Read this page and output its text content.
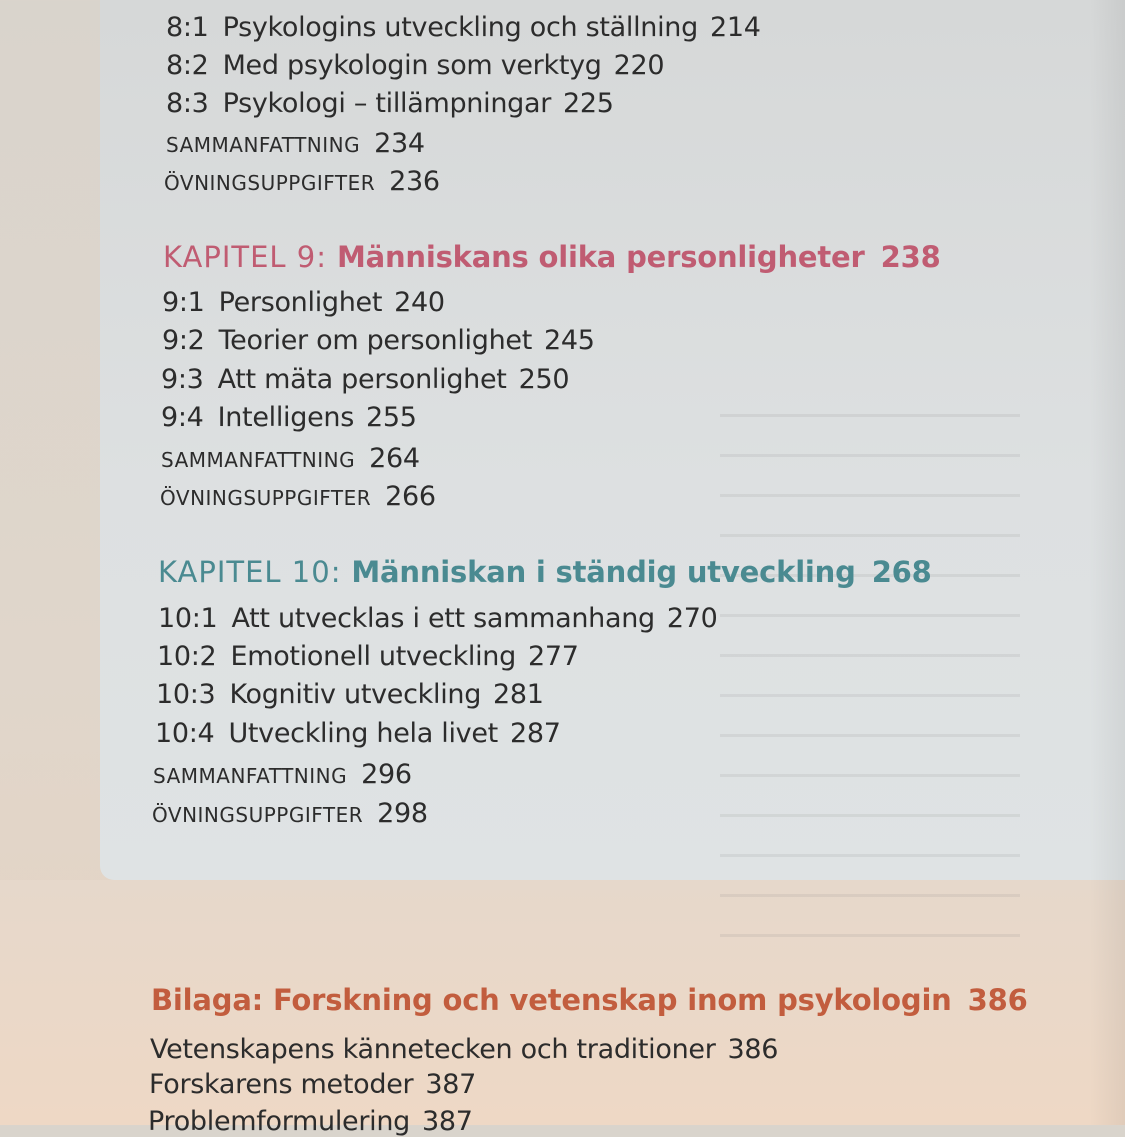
8:1 Psykologins utveckling och ställning 214
8:2 Med psykologin som verktyg 220
8:3 Psykologi – tillämpningar 225
SAMMANFATTNING 234
ÖVNINGSUPPGIFTER 236
KAPITEL 9: Människans olika personligheter 238
9:1 Personlighet 240
9:2 Teorier om personlighet 245
9:3 Att mäta personlighet 250
9:4 Intelligens 255
SAMMANFATTNING 264
ÖVNINGSUPPGIFTER 266
KAPITEL 10: Människan i ständig utveckling 268
10:1 Att utvecklas i ett sammanhang 270
10:2 Emotionell utveckling 277
10:3 Kognitiv utveckling 281
10:4 Utveckling hela livet 287
SAMMANFATTNING 296
ÖVNINGSUPPGIFTER 298
Bilaga: Forskning och vetenskap inom psykologin 386
Vetenskapens kännetecken och traditioner 386
Forskarens metoder 387
Problemformulering 387
